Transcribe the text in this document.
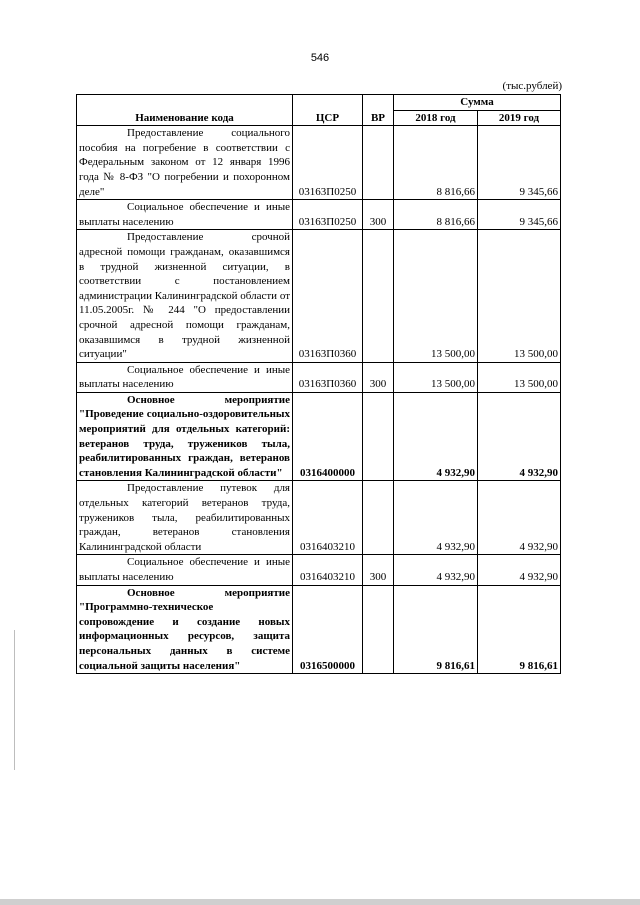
546
(тыс.рублей)
Наименование кода	ЦСР	ВР	Сумма	
			2018 год	2019 год

Предоставление социального пособия на погребение в соответствии с Федеральным законом от 12 января 1996 года № 8-ФЗ "О погребении и похоронном деле"	03163П0250		8 816,66	9 345,66

Социальное обеспечение и иные выплаты населению	03163П0250	300	8 816,66	9 345,66

Предоставление срочной адресной помощи гражданам, оказавшимся в трудной жизненной ситуации, в соответствии с постановлением администрации Калининградской области от 11.05.2005г. № 244 "О предоставлении срочной адресной помощи гражданам, оказавшимся в трудной жизненной ситуации"	03163П0360		13 500,00	13 500,00

Социальное обеспечение и иные выплаты населению	03163П0360	300	13 500,00	13 500,00

Основное мероприятие "Проведение социально-оздоровительных мероприятий для отдельных категорий: ветеранов труда, тружеников тыла, реабилитированных граждан, ветеранов становления Калининградской области"	0316400000		4 932,90	4 932,90

Предоставление путевок для отдельных категорий ветеранов труда, тружеников тыла, реабилитированных граждан, ветеранов становления Калининградской области	0316403210		4 932,90	4 932,90

Социальное обеспечение и иные выплаты населению	0316403210	300	4 932,90	4 932,90

Основное мероприятие "Программно-техническое сопровождение и создание новых информационных ресурсов, защита персональных данных в системе социальной защиты населения"	0316500000		9 816,61	9 816,61
